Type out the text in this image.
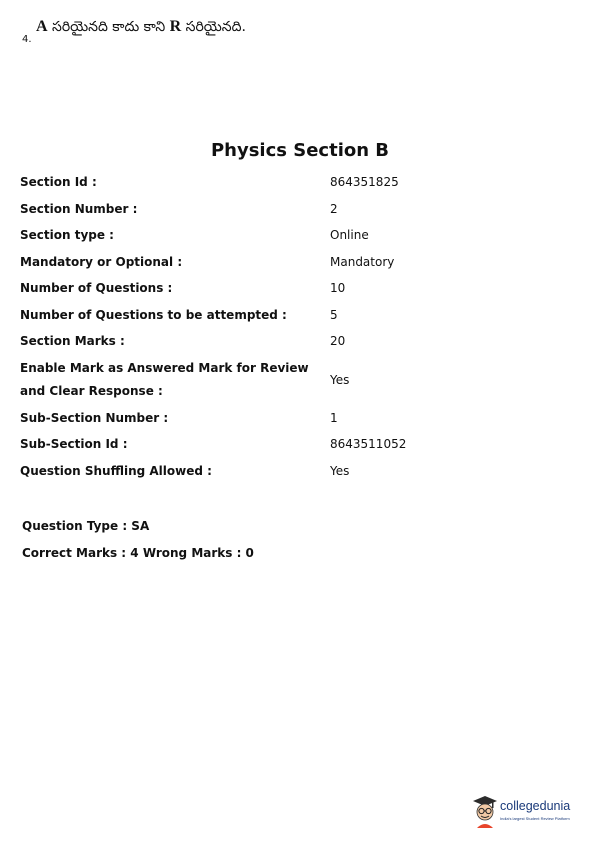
4.
A సరియైనది కాదు కాని R సరియైనది.
Physics Section B
Section Id :	864351825
Section Number :	2
Section type :	Online
Mandatory or Optional :	Mandatory
Number of Questions :	10
Number of Questions to be attempted :	5
Section Marks :	20
Enable Mark as Answered Mark for Review and Clear Response :
Yes
Sub-Section Number :	1
Sub-Section Id :	8643511052
Question Shuffling Allowed :	Yes
Question Type : SA
Correct Marks : 4 Wrong Marks : 0
collegedunia
India's largest Student Review Platform
